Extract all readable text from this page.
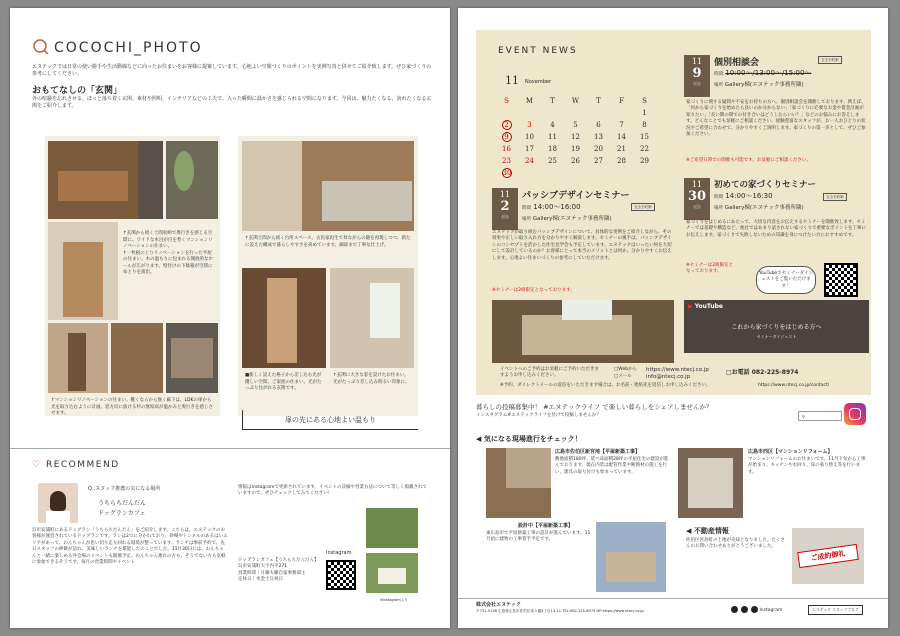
COCOCHI_PHOTO
エヌテックでは日常の使い勝手や生活動線などに向ったお住まいをお客様に提案しています。心地よい空間づくりのポイントを実例写真と併せてご紹介致します。ぜひ家づくりの参考にしてください。
おもてなしの「玄関」
外の喧騒を忘れさせる、ほっと落ち着く玄関。素材や照明、インテリアなどの工夫で、入った瞬間に温かさを感じられる空間になります。今回は、魅力たくなる、訪れたくなる玄関をご紹介します。
↑玄関から続く土間収納で奥行きを感じる空間に。ワイドな木目が目を惹くマンションリノベーションの住まい。
↑一枚板の上りリノベーションを行った平屋の住まい。木の温もりに包まれる開放的なホールが広がります。壁付けの下駄箱が空間にゆとりを演出。
↑マンションリノベーションの住まい。靴くならから無く廊下は、LDKの扉から光を取り込むように計画。窓方向に抜ける杉の無垢床が温かみと奥行きを感じさせます。
↑玄関土間から続く台所スペース。古民家再生で昇ながらの趣を再現しつつ、新たに設えた構成で暮らしやすさを高めています。細部まで丁寧な仕上げ。
■新しく設えた格子から差し込む光が優しい空間。ご家族の住まい、光がたっぷり注がれる玄関です。
↑玄関に大きな窓を設けたお住まい。光がたっぷり差し込み明るい印象に。
扉の先にある心地よい温もり
♡ RECOMMEND
Q.:スタッフ推薦の気になる場所
うちらちだんだん
ドッグランカフェ
呉市安浦町にあるドッグラン「うちらちだんだん」をご紹介します。こちらは、エヌテックのお客様が運営されているドッグランです。ランは2つに分かれており、砂場やトンネルのあるはいエリアがあって、わんちゃんが思い切り走り回れる環境が整っています。ランチは事前予約で、先日スタッフの棒餅が訪れ、美味しいランチを堪能したのことでした。11月30日には、わんちゃんと一緒に楽しめる外会場のイベントも開催予定。わんちゃん連れの方も、そうでない方も気軽に参加できるそうです。毎月の営業時間やイベント
情報はInstagramで更新されています。イベントの詳細や営業方法について等しく掲載されていますので、ぜひチェックしてみてください！
ドッグランカフェ【うちらちだんだん】
呉市安浦町大字内平271
営業時間｜月曜火曜自家事務部主
定休日｜木金土日祝日
Instagram
※Instagramより
EVENT NEWS
11 November
S	M	T	W	T	F	S
						1
2	3	4	5	6	7	8
9	10	11	12	13	14	15
16	17	18	19	20	21	22
23	24	25	26	27	28	29
30						
11
9
(日)
個別相談会	完全予約制
時間 10:00〜/13:00〜/15:00〜
場所 Gallery棟(エヌテック事務所隣)
家づくりに関する疑問や不安をお持ちの方へ、個別相談会を開催しております。例えば、「何から家づくりを始めたら良いのか分からない」「家づくりに必要なお金や資金計画が知りたい」「長い期の間での付き合いはどうしたらいい？」などのお悩みにお答えします。どんなことでも気軽にご相談ください。経験豊富なスタッフが、お一人おひとりの状況やご希望に合わせて、分かりやすくご説明します。家づくりの第一歩として、ぜひご参加ください。
※ご希望日時での開催も可能です。お気軽にご相談ください。
11
2
(日)
パッシブデザインセミナー
完全予約制
時間 14:00〜16:00
場所 Gallery棟(エヌテック事務所隣)
エヌテックが取り組むパッシブデザインについて、具体的な実例をご紹介しながら、その効果や正しい取り入れ方を分かりやすく解説します。セミナーの後半は、パッシブデザインのコンセプトを活かした住宅見学会も予定しています。エヌテックはいったい何を大切にして設計しているのか？お客様にとって本当のメリットとは何か。分かりやすくお伝えします。心地よい住まいづくりの参考にしていただけます。
※セミナーは2組限定となっております。
11
30
(日)
初めての家づくりセミナー
完全予約制
時間 14:00〜16:30
場所 Gallery棟(エヌテック事務所隣)
家づくりをはじめるにあたって、大切な内容をお伝えするセミナーを開催致します。セミナーでは基礎や構造など、他社ではあまり話されない家づくりで重要なポイントを丁寧にお伝えします。家づくりで失敗しないための知識を身につけたい方におすすめです。
※セミナーは2組限定となっております。	YouTubeでセミナーダイジェストをご覧いただけます！
▶ YouTube
これから家づくりをはじめる方へ
セミナーダイジェスト
イベントへのご予約はお気軽にご予約いただきますようお申し込みください。
□Webから
□メール
https://www.ntecj.co.jp
info@ntecj.co.jp
□お電話 082-225-8974
※予約、ダイレクトメールの返信をいただきます場合は、お名前・連絡先を返信しお申し込みください。	https://www.ntecj.co.jp/contact/
暮らしの投稿募集中！ #エヌテックライフ で楽しい暮らしをシェアしませんか？
インスタグラム#エヌテックライフを付けて投稿しませんか？	⚲
◀ 気になる現場進行をチェック！
広島市佐伯区新宮地【平屋新築工事】
敷地面積180坪、延べ床面積28坪の平屋住宅の建設が進んでおります。現在内装は配管作業や断熱材の施工を行い、建具の取り付けも始まっています。
広島市西区【マンションリフォーム】
マンションリフォームのお住まいです。11月下旬から工事が始まり、キッチンや水回り、床の張り替え等を行います。
設計中【平屋新築工事】
東広島市で平屋新築工事の設計が進んでいます。11月頃に建物の工事着手予定です。
◀ 不動産情報
佐伯区宮島町の土地が売却となりました。たくさんのお問い合わせありがとうございました。
ご成約御礼
株式会社エヌテック
〒731-5136 広島県広島市佐伯区楽々園5丁目13-11 TEL:082-225-8974 HP:https://www.ntecj.co.jp	Instagram	エヌテック スタッフブログ
